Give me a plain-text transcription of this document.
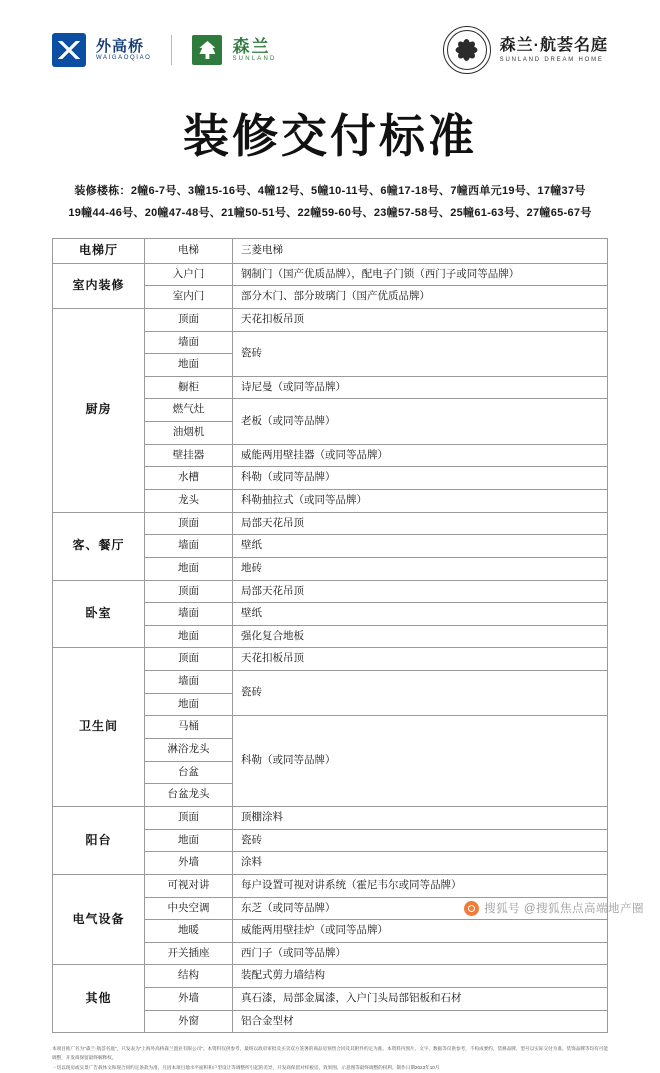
外高桥
WAIGAOQIAO
森兰
SUNLAND
森兰·航荟名庭
SUNLAND DREAM HOME
装修交付标准
装修楼栋：2幢6-7号、3幢15-16号、4幢12号、5幢10-11号、6幢17-18号、7幢西单元19号、17幢37号
19幢44-46号、20幢47-48号、21幢50-51号、22幢59-60号、23幢57-58号、25幢61-63号、27幢65-67号
电梯厅	电梯	三菱电梯
室内装修	入户门	钢制门（国产优质品牌），配电子门锁（西门子或同等品牌）
	室内门	部分木门、部分玻璃门（国产优质品牌）
厨房	顶面	天花扣板吊顶
	墙面	瓷砖
	地面	
	橱柜	诗尼曼（或同等品牌）
	燃气灶	老板（或同等品牌）
	油烟机	
	壁挂器	威能两用壁挂器（或同等品牌）
	水槽	科勒（或同等品牌）
	龙头	科勒抽拉式（或同等品牌）
客、餐厅	顶面	局部天花吊顶
	墙面	壁纸
	地面	地砖
卧室	顶面	局部天花吊顶
	墙面	壁纸
	地面	强化复合地板
卫生间	顶面	天花扣板吊顶
	墙面	瓷砖
	地面	
	马桶	科勒（或同等品牌）
	淋浴龙头	
	台盆	
	台盆龙头	
阳台	顶面	顶棚涂料
	地面	瓷砖
	外墙	涂料
电气设备	可视对讲	每户设置可视对讲系统（霍尼韦尔或同等品牌）
	中央空调	东芝（或同等品牌）
	地暖	威能两用壁挂炉（或同等品牌）
	开关插座	西门子（或同等品牌）
其他	结构	装配式剪力墙结构
	外墙	真石漆，局部金属漆，入户门头局部铝板和石材
	外窗	铝合金型材

本项目推广名为"森兰·航荟名庭"，只发表为"上海外高桥森兰置业有限公司"。本资料仅供参考，最终以政府审批及买卖双方签署的商品房预售合同及其附件约定为准。本资料内图片、文字、数据等仅供参考，不构成要约，装修品牌、型号以实际交付为准。装饰品牌等均有可能调整，开发商保留最终解释权。

一切以现房或实景广告载体文和现合同约定条款为准，凡因本项目地水平面积和户型设计等调整所引起的差异，开发商保留对样板房、效果图、示意图等最终调整的权利。制作日期2023年10月

搜狐号 @搜狐焦点高端地产圈
